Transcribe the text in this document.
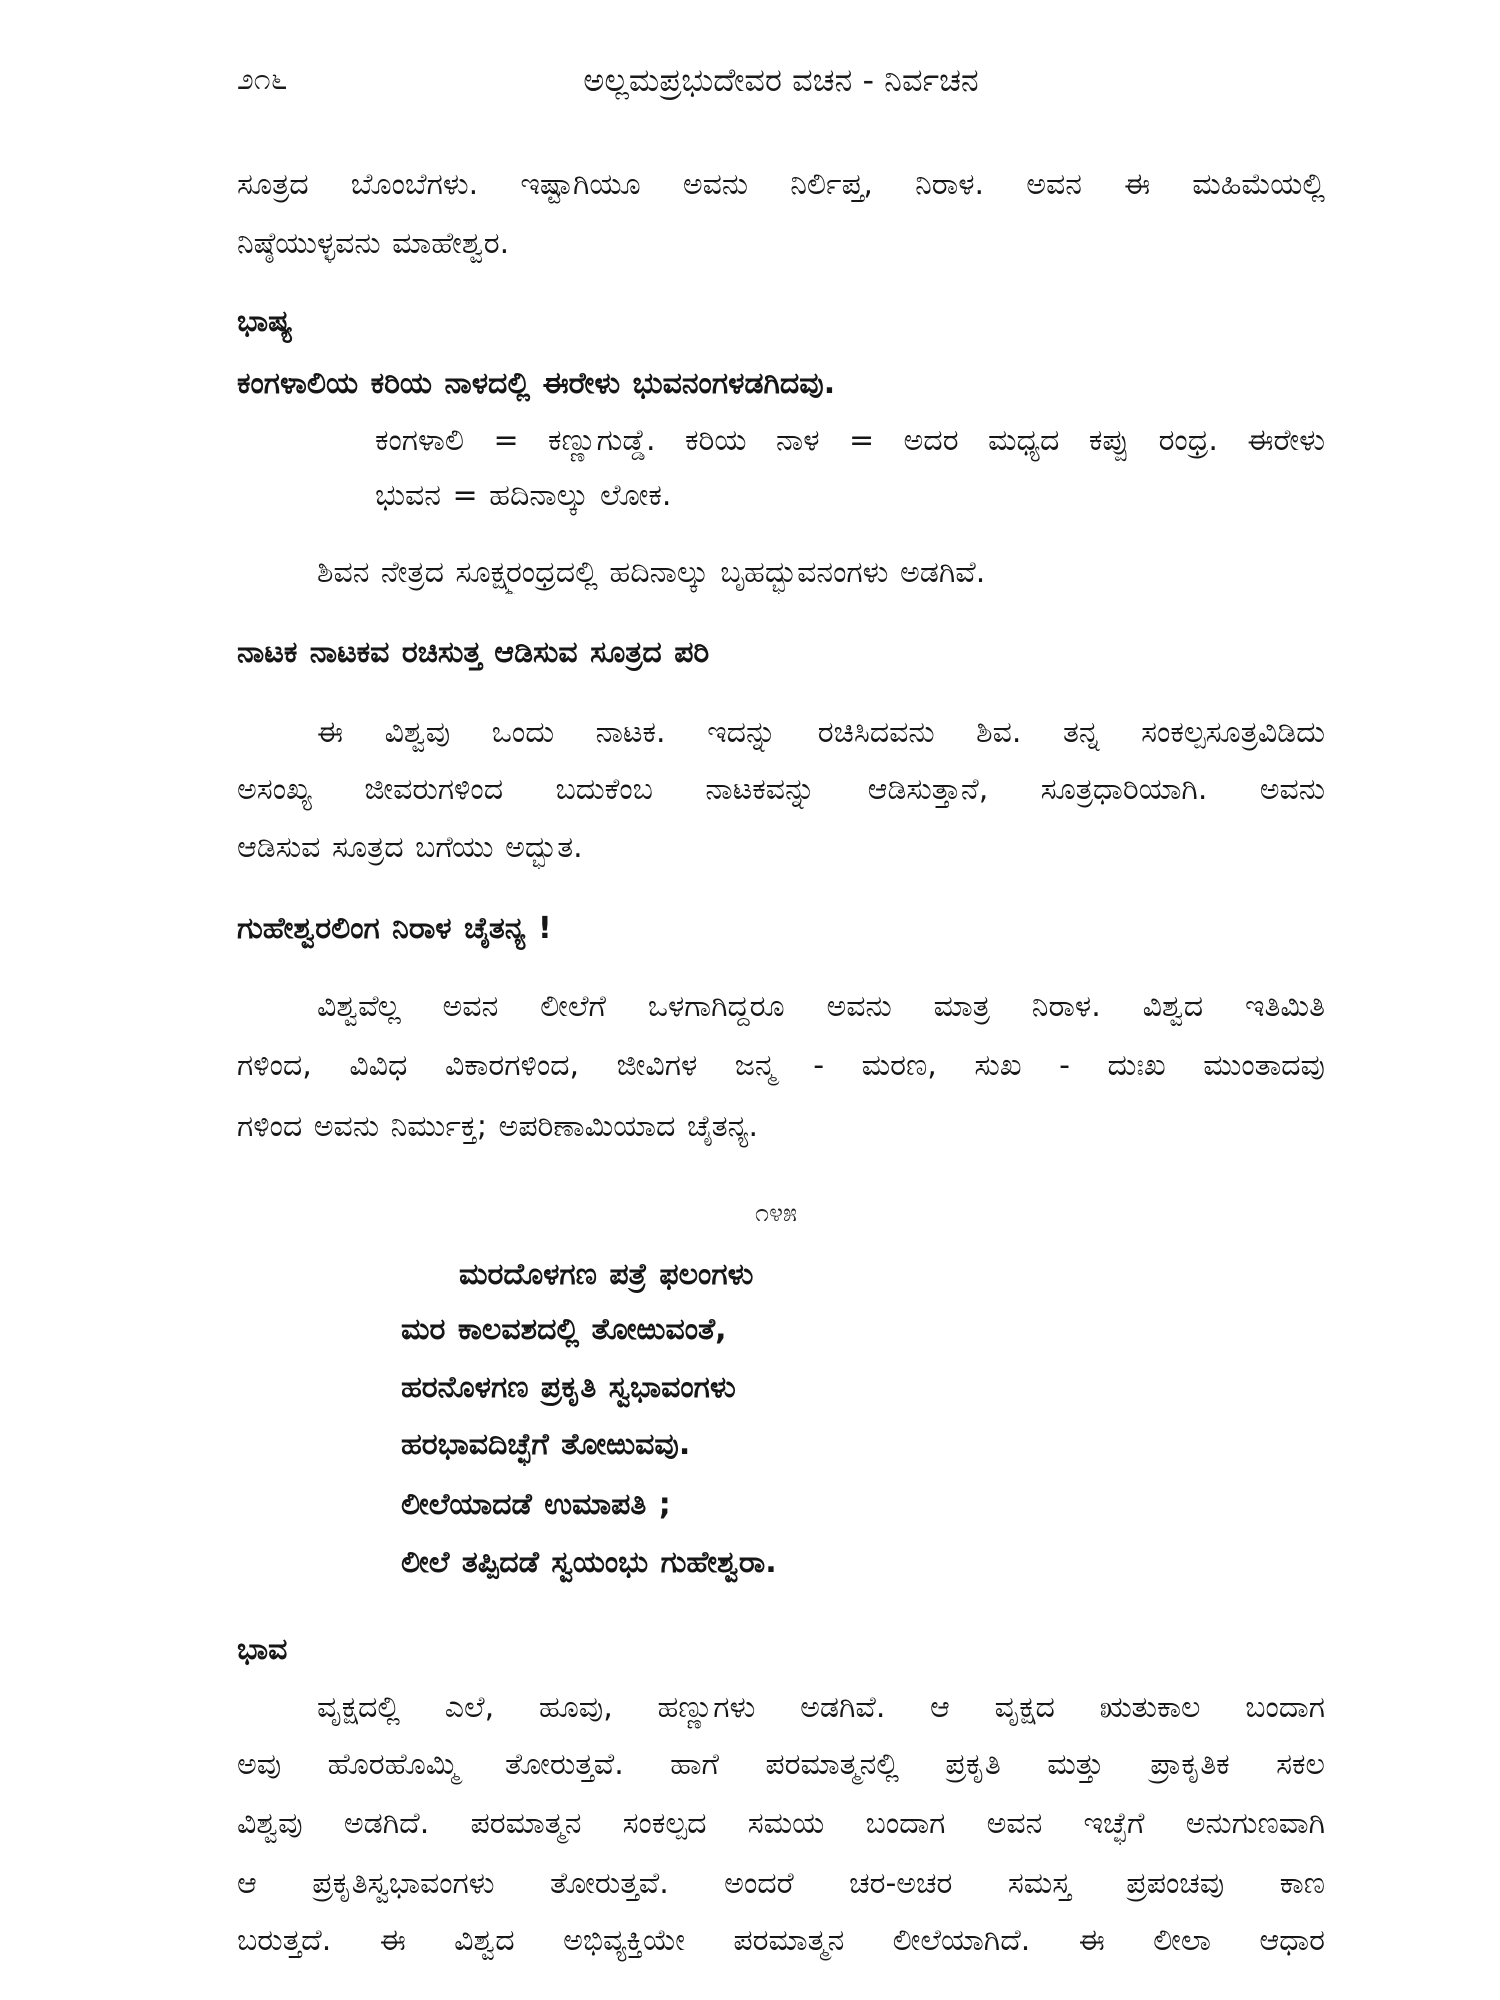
೨೧೬	ಅಲ್ಲಮಪ್ರಭುದೇವರ ವಚನ - ನಿರ್ವಚನ
ಸೂತ್ರದ ಬೊಂಬೆಗಳು. ಇಷ್ಟಾಗಿಯೂ ಅವನು ನಿರ್ಲಿಪ್ತ, ನಿರಾಳ. ಅವನ ಈ ಮಹಿಮೆಯಲ್ಲಿ
ನಿಷ್ಠೆಯುಳ್ಳವನು ಮಾಹೇಶ್ವರ.
ಭಾಷ್ಯ
ಕಂಗಳಾಲಿಯ ಕರಿಯ ನಾಳದಲ್ಲಿ ಈರೇಳು ಭುವನಂಗಳಡಗಿದವು.
ಕಂಗಳಾಲಿ = ಕಣ್ಣುಗುಡ್ಡೆ. ಕರಿಯ ನಾಳ = ಅದರ ಮಧ್ಯದ ಕಪ್ಪು ರಂಧ್ರ. ಈರೇಳು
ಭುವನ = ಹದಿನಾಲ್ಕು ಲೋಕ.
ಶಿವನ ನೇತ್ರದ ಸೂಕ್ಷ್ಮರಂಧ್ರದಲ್ಲಿ ಹದಿನಾಲ್ಕು ಬೃಹದ್ಭುವನಂಗಳು ಅಡಗಿವೆ.
ನಾಟಕ ನಾಟಕವ ರಚಿಸುತ್ತ ಆಡಿಸುವ ಸೂತ್ರದ ಪರಿ
ಈ ವಿಶ್ವವು ಒಂದು ನಾಟಕ. ಇದನ್ನು ರಚಿಸಿದವನು ಶಿವ. ತನ್ನ ಸಂಕಲ್ಪಸೂತ್ರವಿಡಿದು
ಅಸಂಖ್ಯ ಜೀವರುಗಳಿಂದ ಬದುಕೆಂಬ ನಾಟಕವನ್ನು ಆಡಿಸುತ್ತಾನೆ, ಸೂತ್ರಧಾರಿಯಾಗಿ. ಅವನು
ಆಡಿಸುವ ಸೂತ್ರದ ಬಗೆಯು ಅದ್ಭುತ.
ಗುಹೇಶ್ವರಲಿಂಗ ನಿರಾಳ ಚೈತನ್ಯ !
ವಿಶ್ವವೆಲ್ಲ ಅವನ ಲೀಲೆಗೆ ಒಳಗಾಗಿದ್ದರೂ ಅವನು ಮಾತ್ರ ನಿರಾಳ. ವಿಶ್ವದ ಇತಿಮಿತಿ
ಗಳಿಂದ, ವಿವಿಧ ವಿಕಾರಗಳಿಂದ, ಜೀವಿಗಳ ಜನ್ಮ - ಮರಣ, ಸುಖ - ದುಃಖ ಮುಂತಾದವು
ಗಳಿಂದ ಅವನು ನಿರ್ಮುಕ್ತ; ಅಪರಿಣಾಮಿಯಾದ ಚೈತನ್ಯ.
೧೪೫
ಮರದೊಳಗಣ ಪತ್ರೆ ಫಲಂಗಳು
ಮರ ಕಾಲವಶದಲ್ಲಿ ತೋಱುವಂತೆ,
ಹರನೊಳಗಣ ಪ್ರಕೃತಿ ಸ್ವಭಾವಂಗಳು
ಹರಭಾವದಿಚ್ಛೆಗೆ ತೋಱುವವು.
ಲೀಲೆಯಾದಡೆ ಉಮಾಪತಿ ;
ಲೀಲೆ ತಪ್ಪಿದಡೆ ಸ್ವಯಂಭು ಗುಹೇಶ್ವರಾ.
ಭಾವ
ವೃಕ್ಷದಲ್ಲಿ ಎಲೆ, ಹೂವು, ಹಣ್ಣುಗಳು ಅಡಗಿವೆ. ಆ ವೃಕ್ಷದ ಋತುಕಾಲ ಬಂದಾಗ
ಅವು ಹೊರಹೊಮ್ಮಿ ತೋರುತ್ತವೆ. ಹಾಗೆ ಪರಮಾತ್ಮನಲ್ಲಿ ಪ್ರಕೃತಿ ಮತ್ತು ಪ್ರಾಕೃತಿಕ ಸಕಲ
ವಿಶ್ವವು ಅಡಗಿದೆ. ಪರಮಾತ್ಮನ ಸಂಕಲ್ಪದ ಸಮಯ ಬಂದಾಗ ಅವನ ಇಚ್ಛೆಗೆ ಅನುಗುಣವಾಗಿ
ಆ ಪ್ರಕೃತಿಸ್ವಭಾವಂಗಳು ತೋರುತ್ತವೆ. ಅಂದರೆ ಚರ-ಅಚರ ಸಮಸ್ತ ಪ್ರಪಂಚವು ಕಾಣ
ಬರುತ್ತದೆ. ಈ ವಿಶ್ವದ ಅಭಿವ್ಯಕ್ತಿಯೇ ಪರಮಾತ್ಮನ ಲೀಲೆಯಾಗಿದೆ. ಈ ಲೀಲಾ ಆಧಾರ
